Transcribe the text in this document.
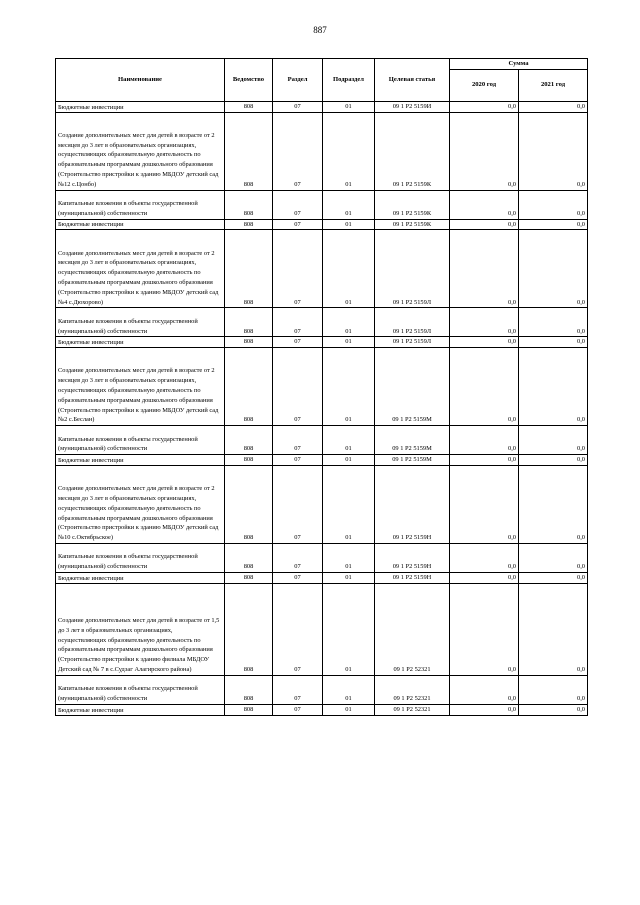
887
Наименование	Ведомство	Раздел	Подраздел	Целевая статья	Сумма	
					2020 год	2021 год

Бюджетные инвестиции	808	07	01	09 1 P2 5159И	0,0	0,0

Создание дополнительных мест для детей в возрасте от 2 месяцев до 3 лет в образовательных организациях, осуществляющих образовательную деятельность по образовательным программам дошкольного образования (Строительство пристройки к зданию МБДОУ детский сад №12 с.Цонбо)	808	07	01	09 1 P2 5159К	0,0	0,0

Капитальные вложения в объекты государственной (муниципальной) собственности	808	07	01	09 1 P2 5159К	0,0	0,0

Бюджетные инвестиции	808	07	01	09 1 P2 5159К	0,0	0,0

Создание дополнительных мест для детей в возрасте от 2 месяцев до 3 лет в образовательных организациях, осуществляющих образовательную деятельность по образовательным программам дошкольного образования (Строительство пристройки к зданию МБДОУ детский сад №4 с.Дюхорово)	808	07	01	09 1 P2 5159Л	0,0	0,0

Капитальные вложения в объекты государственной (муниципальной) собственности	808	07	01	09 1 P2 5159Л	0,0	0,0

Бюджетные инвестиции	808	07	01	09 1 P2 5159Л	0,0	0,0

Создание дополнительных мест для детей в возрасте от 2 месяцев до 3 лет в образовательных организациях, осуществляющих образовательную деятельность по образовательным программам дошкольного образования (Строительство пристройки к зданию МБДОУ детский сад №2 с.Беслан)	808	07	01	09 1 P2 5159М	0,0	0,0

Капитальные вложения в объекты государственной (муниципальной) собственности	808	07	01	09 1 P2 5159М	0,0	0,0

Бюджетные инвестиции	808	07	01	09 1 P2 5159М	0,0	0,0

Создание дополнительных мест для детей в возрасте от 2 месяцев до 3 лет в образовательных организациях, осуществляющих образовательную деятельность по образовательным программам дошкольного образования (Строительство пристройки к зданию МБДОУ детский сад №10 с.Октябрьское)	808	07	01	09 1 P2 5159Н	0,0	0,0

Капитальные вложения в объекты государственной (муниципальной) собственности	808	07	01	09 1 P2 5159Н	0,0	0,0

Бюджетные инвестиции	808	07	01	09 1 P2 5159Н	0,0	0,0

Создание дополнительных мест для детей в возрасте от 1,5 до 3 лет в образовательных организациях, осуществляющих образовательную деятельность по образовательным программам дошкольного образования (Строительство пристройки к зданию филиала МБДОУ Детский сад № 7 в с.Судзаг Алагирского района)	808	07	01	09 1 P2 52321	0,0	0,0

Капитальные вложения в объекты государственной (муниципальной) собственности	808	07	01	09 1 P2 52321	0,0	0,0

Бюджетные инвестиции	808	07	01	09 1 P2 52321	0,0	0,0
